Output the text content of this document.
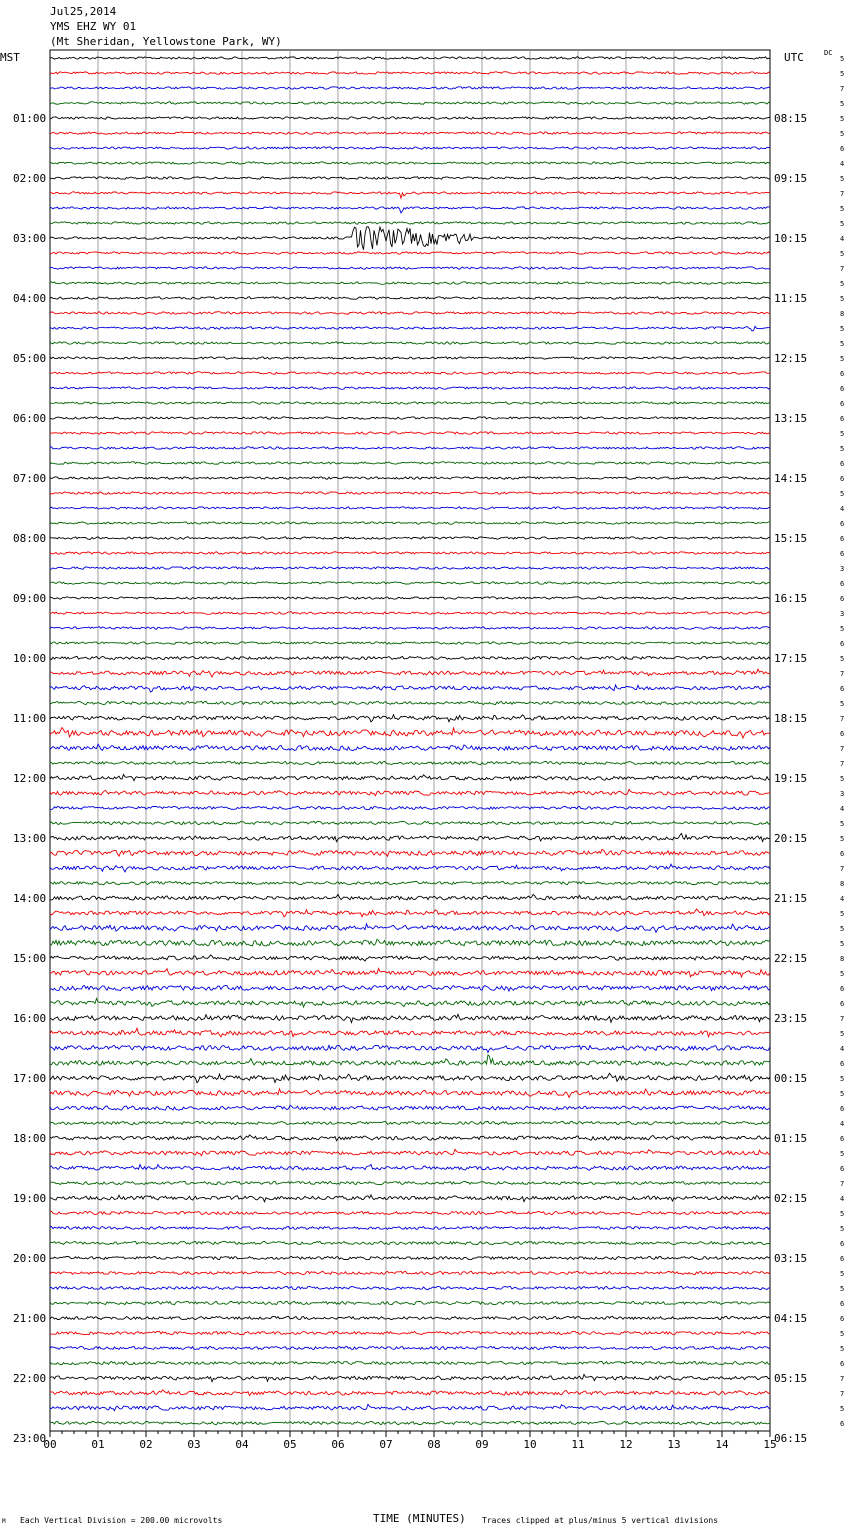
00	01	02	03	04	05	06	07	08	09	10	11	12	13	14	15
5
5
7
5
5
5
6
4
5
7
5
5
4
5
7
5
5
8
5
5
5
6
6
6
6
5
5
6
6
5
4
6
6
6
3
6
6
3
5
6
5
7
6
5
7
6
7
7
5
3
4
5
5
6
7
8
4
5
5
5
8
5
6
6
7
5
4
6
5
5
6
4
6
5
6
7
4
5
5
6
6
5
5
6
6
5
5
6
7
7
5
6
01:00	08:15
02:00	09:15
03:00	10:15
04:00	11:15
05:00	12:15
06:00	13:15
07:00	14:15
08:00	15:15
09:00	16:15
10:00	17:15
11:00	18:15
12:00	19:15
13:00	20:15
14:00	21:15
15:00	22:15
16:00	23:15
17:00	00:15
18:00	01:15
19:00	02:15
20:00	03:15
21:00	04:15
22:00	05:15
23:00	06:15
Jul25,2014
YMS EHZ WY 01
(Mt Sheridan, Yellowstone Park, WY)
MST	UTC	DC
M Each Vertical Division = 200.00 microvolts	TIME (MINUTES) Traces clipped at plus/minus 5 vertical divisions
